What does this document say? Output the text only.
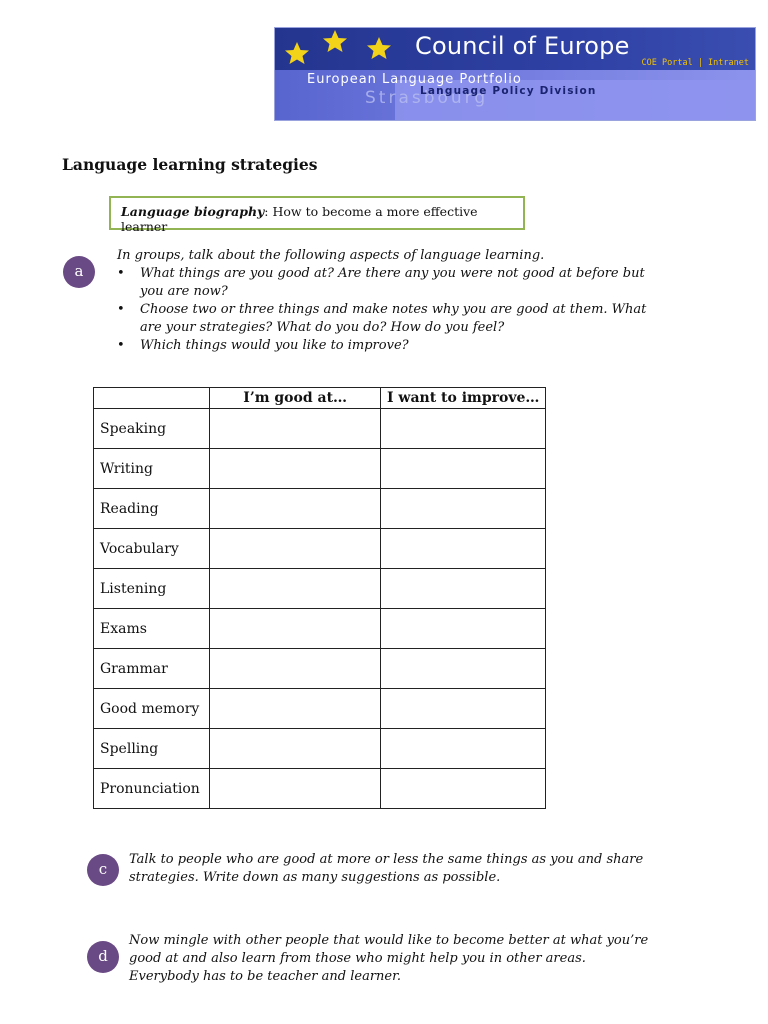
Council of Europe
COE Portal | Intranet
European Language Portfolio
Strasbourg
Language Policy Division
Language learning strategies
Language biography: How to become a more effective learner
a
In groups, talk about the following aspects of language learning.
• What things are you good at? Are there any you were not good at before but you are now?
• Choose two or three things and make notes why you are good at them. What are your strategies? What do you do? How do you feel?
• Which things would you like to improve?
	I’m good at…	I want to improve…
Speaking		
Writing		
Reading		
Vocabulary		
Listening		
Exams		
Grammar		
Good memory		
Spelling		
Pronunciation		
c
Talk to people who are good at more or less the same things as you and share strategies. Write down as many suggestions as possible.
d
Now mingle with other people that would like to become better at what you’re good at and also learn from those who might help you in other areas. Everybody has to be teacher and learner.
